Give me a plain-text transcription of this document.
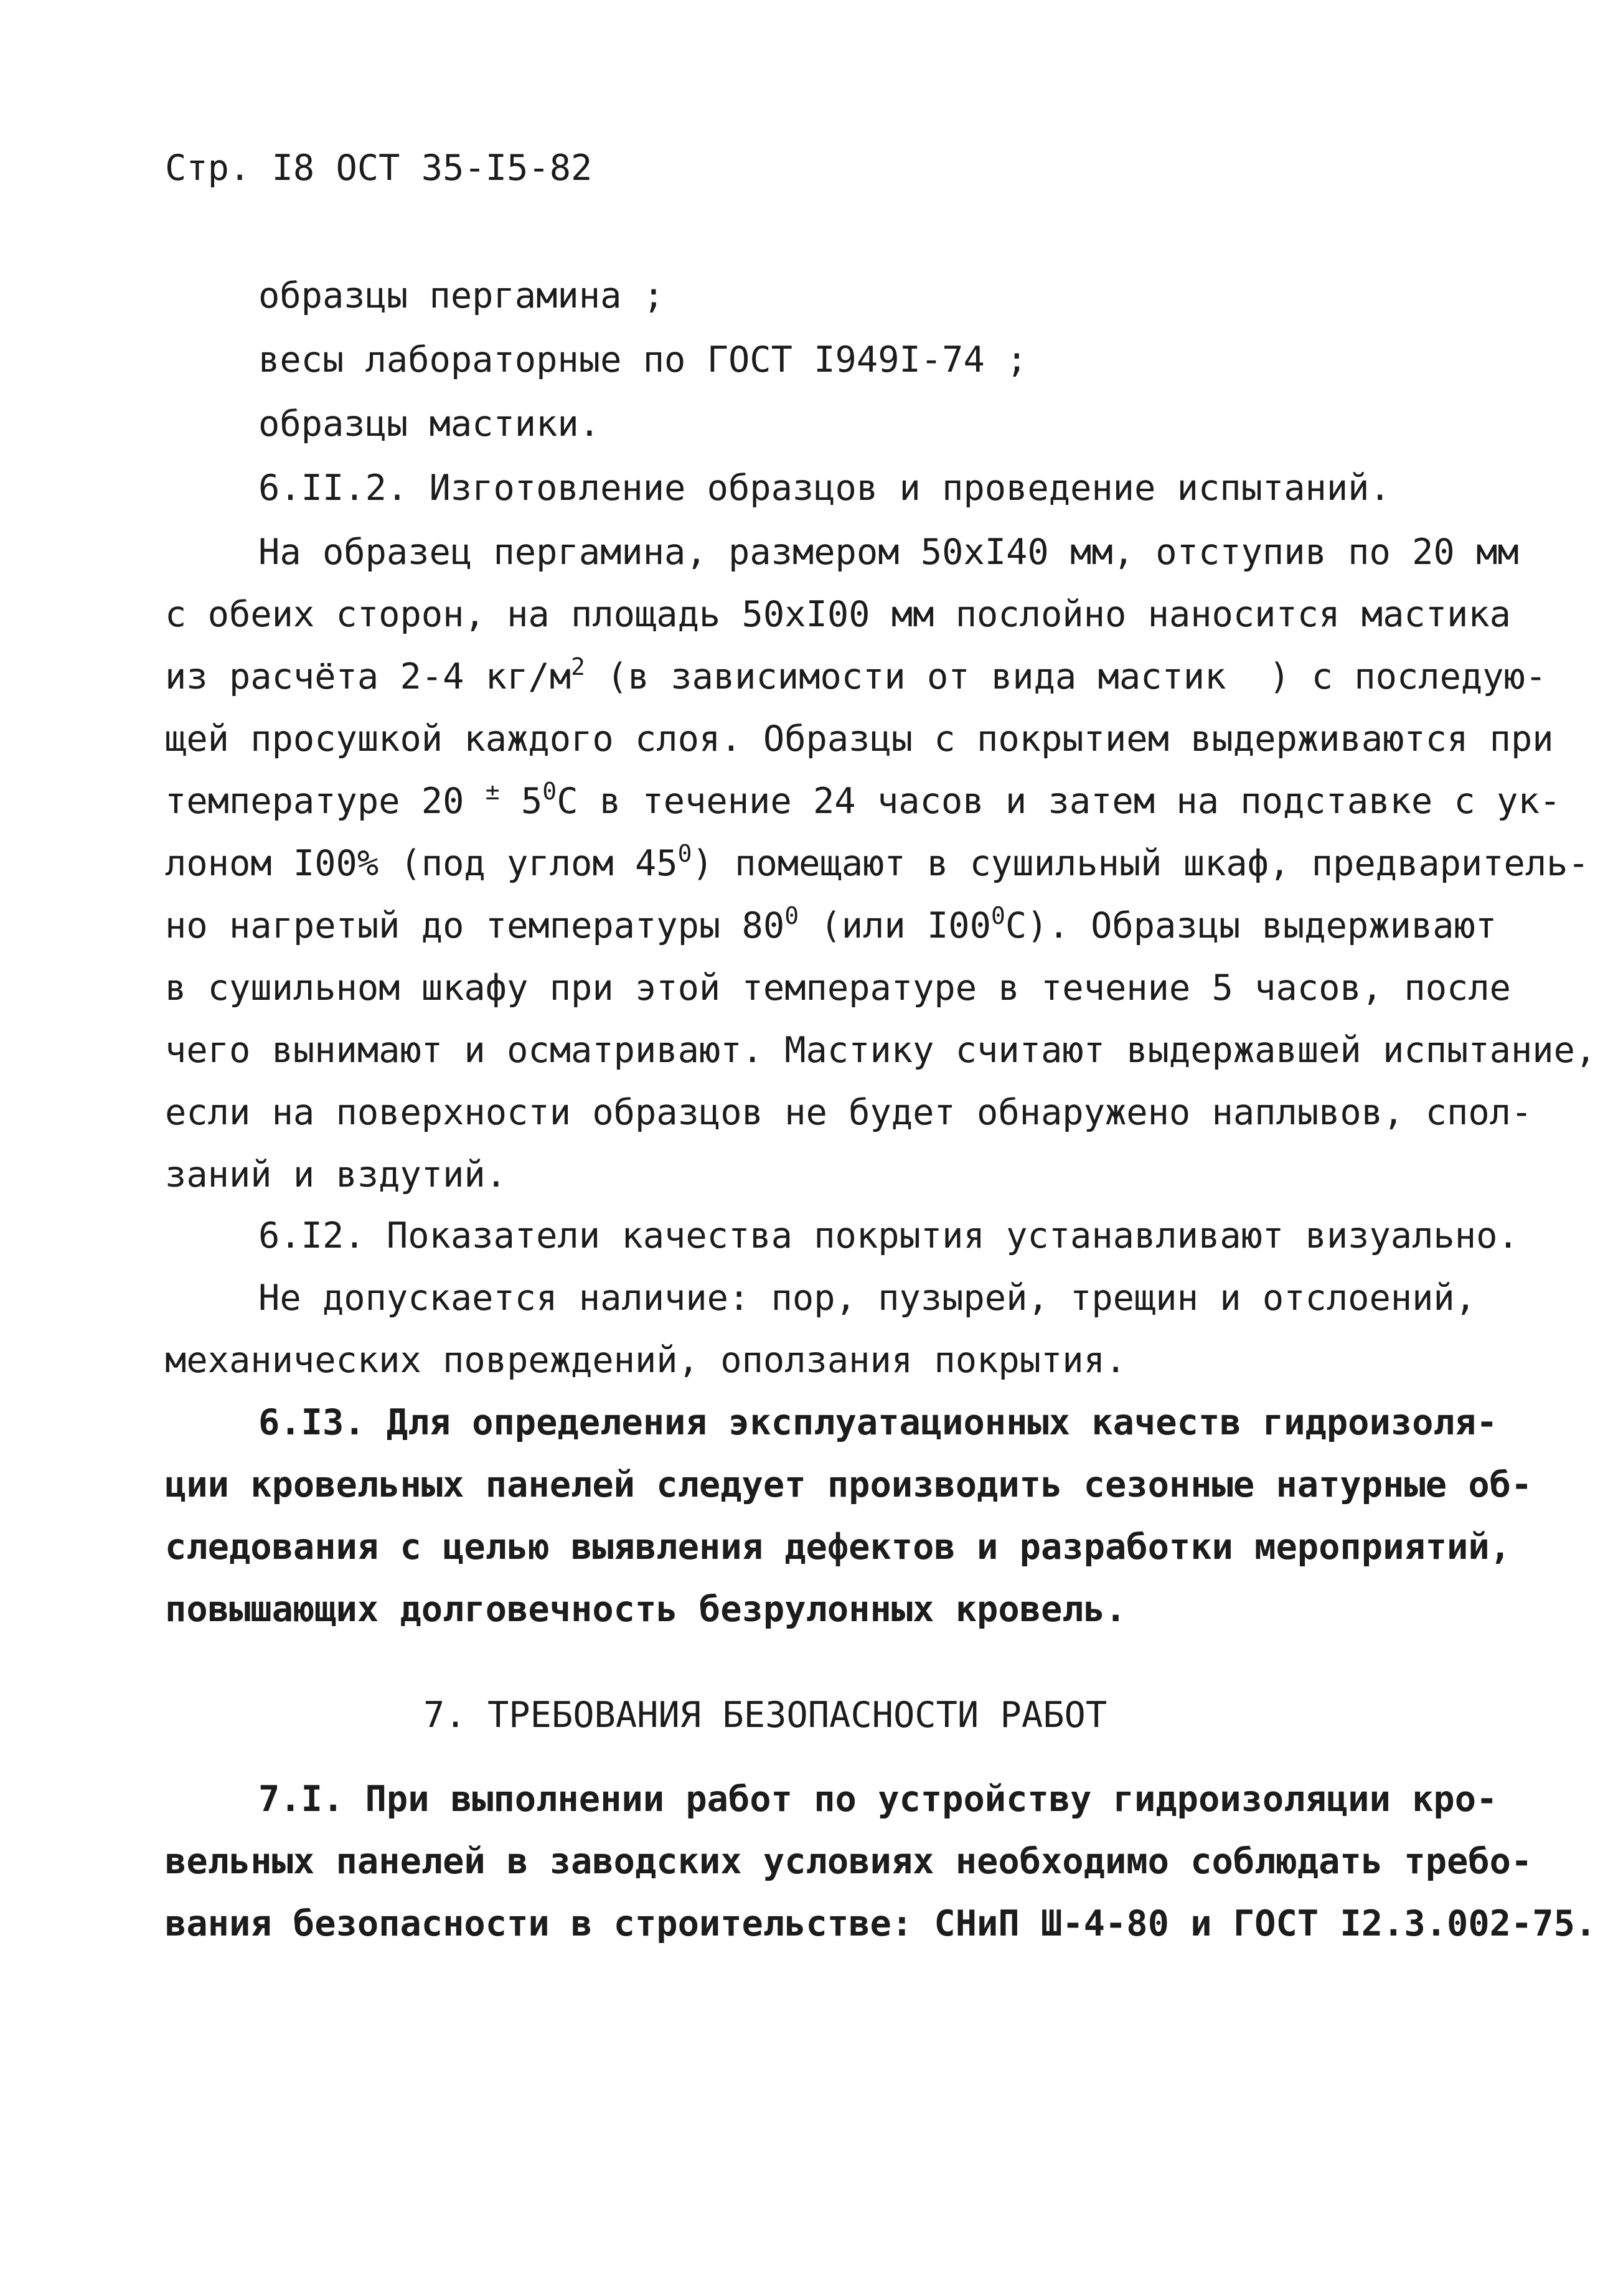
Стр. I8 ОСТ 35-I5-82
образцы пергамина ;
весы лабораторные по ГОСТ I949I-74 ;
образцы мастики.
6.II.2. Изготовление образцов и проведение испытаний.
На образец пергамина, размером 50хI40 мм, отступив по 20 мм
с обеих сторон, на площадь 50хI00 мм послойно наносится мастика
из расчёта 2-4 $кг/м^2$ (в зависимости от вида мастик  ) с последую-
щей просушкой каждого слоя. Образцы с покрытием выдерживаются при
температуре 20 ± $5^0С$ в течение 24 часов и затем на подставке с ук-
лоном I00% (под углом $45^0$) помещают в сушильный шкаф, предваритель-
но нагретый до температуры $80^0$ (или $I00^0С$). Образцы выдерживают
в сушильном шкафу при этой температуре в течение 5 часов, после
чего вынимают и осматривают. Мастику считают выдержавшей испытание,
если на поверхности образцов не будет обнаружено наплывов, спол-
заний и вздутий.
6.I2. Показатели качества покрытия устанавливают визуально.
Не допускается наличие: пор, пузырей, трещин и отслоений,
механических повреждений, оползания покрытия.
6.I3. Для определения эксплуатационных качеств гидроизоля-
ции кровельных панелей следует производить сезонные натурные об-
следования с целью выявления дефектов и разработки мероприятий,
повышающих долговечность безрулонных кровель.
7. ТРЕБОВАНИЯ БЕЗОПАСНОСТИ РАБОТ
7.I. При выполнении работ по устройству гидроизоляции кро-
вельных панелей в заводских условиях необходимо соблюдать требо-
вания безопасности в строительстве: СНиП Ш-4-80 и ГОСТ I2.3.002-75.
